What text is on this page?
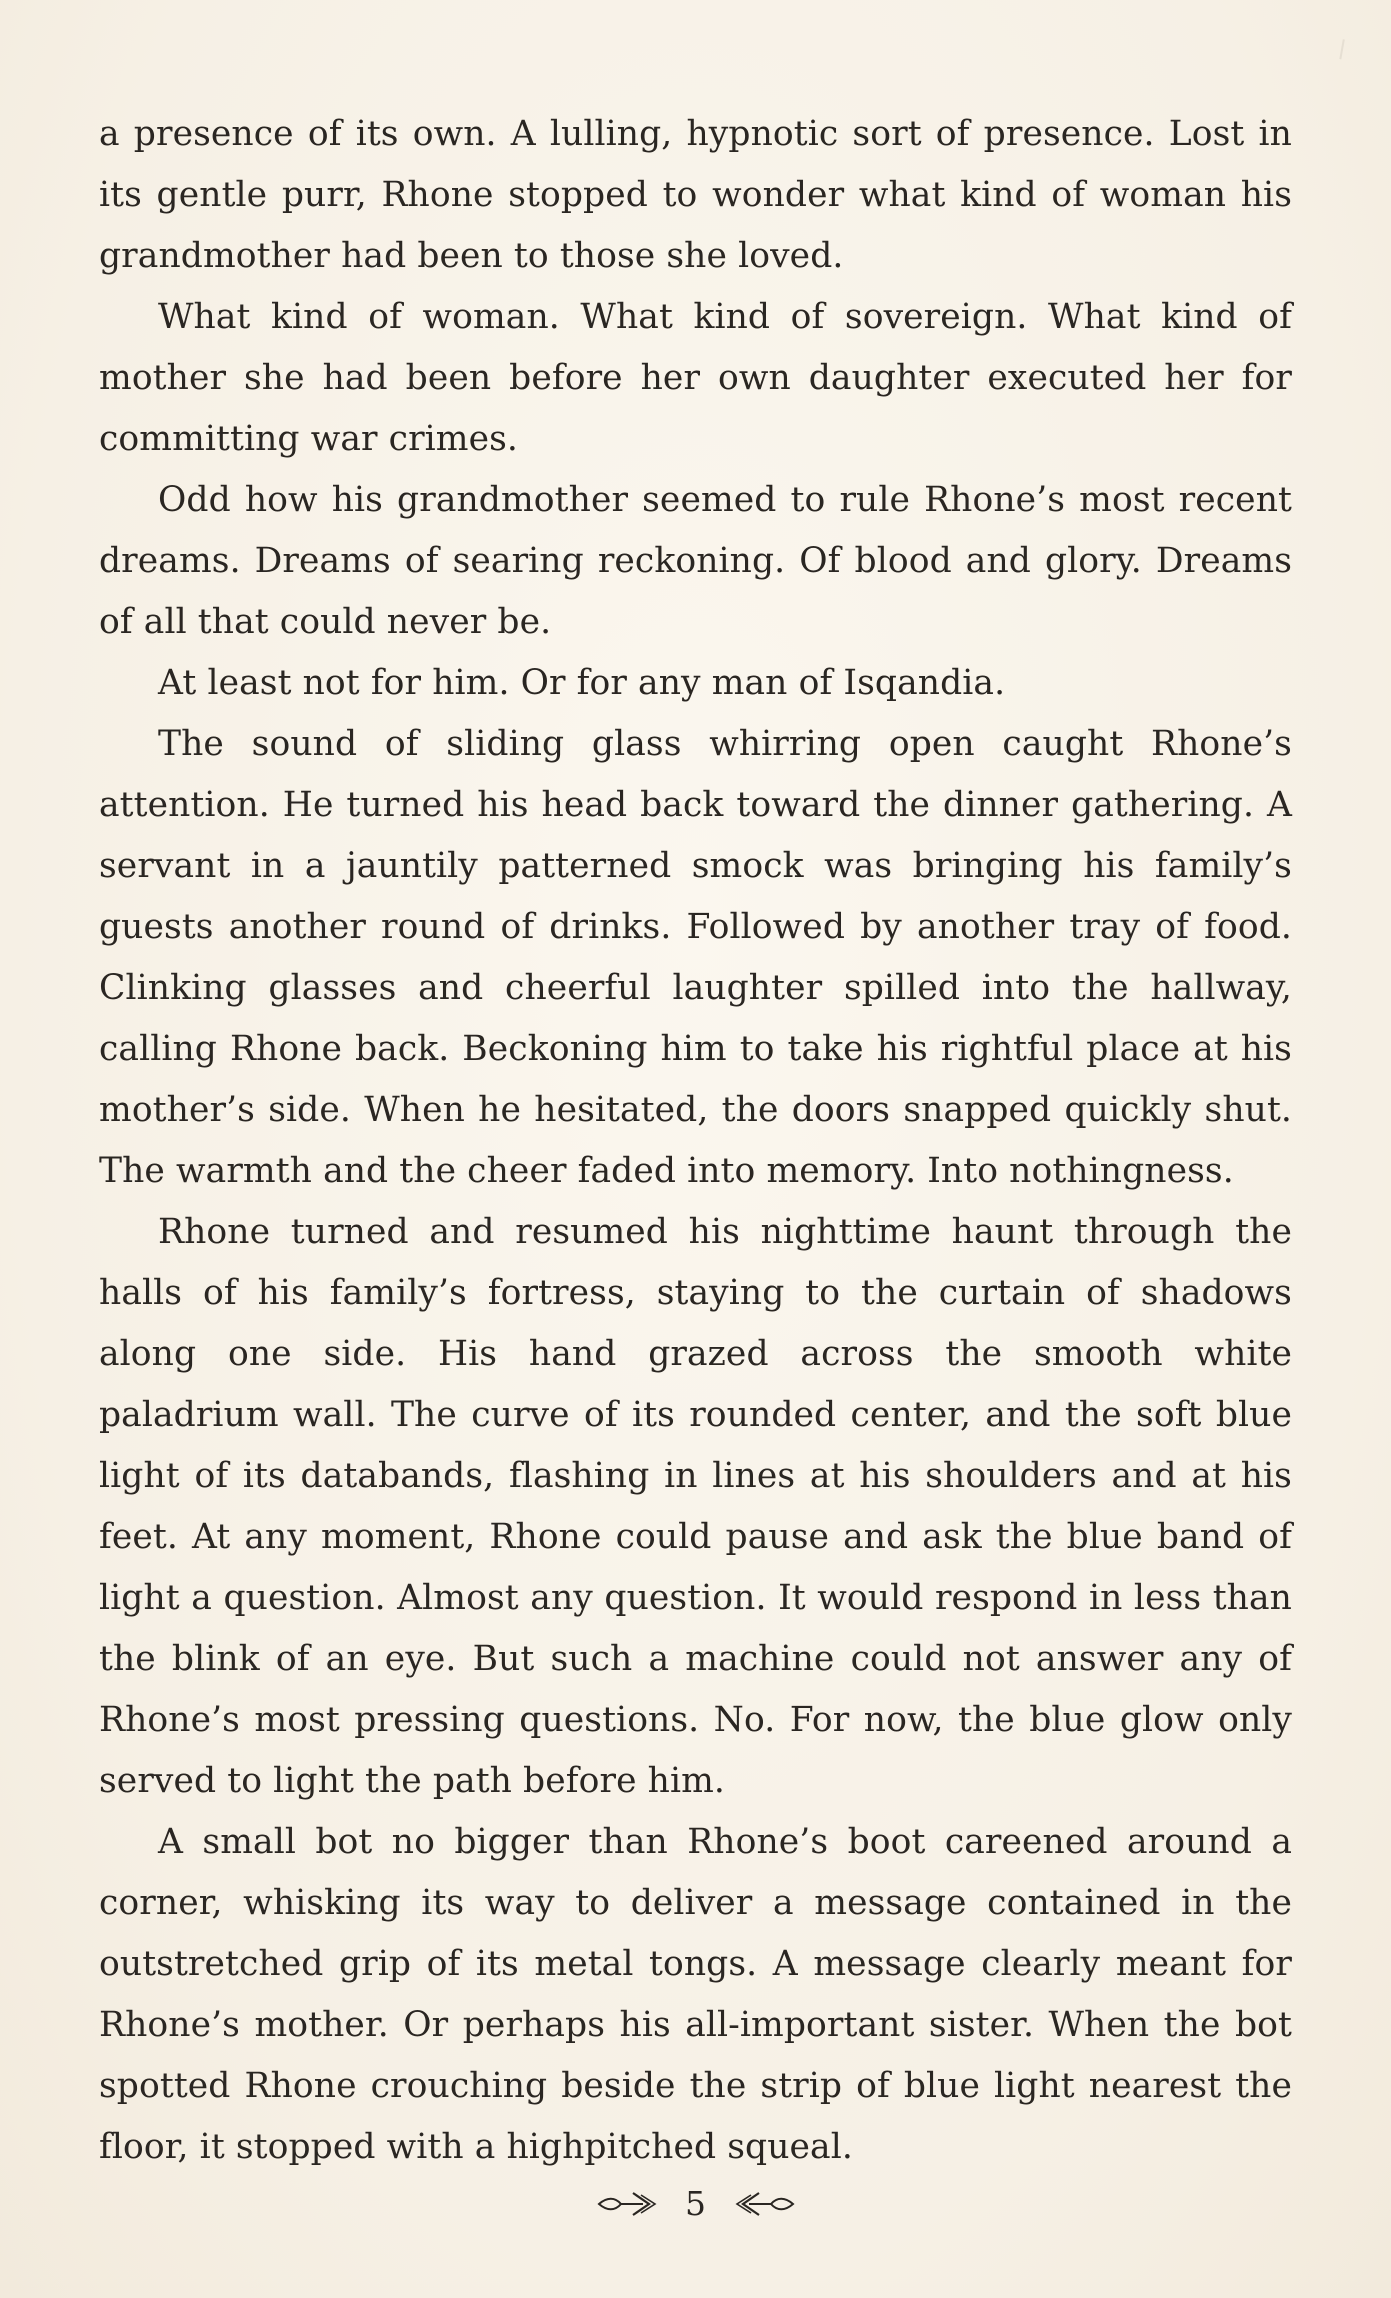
a presence of its own. A lulling, hypnotic sort of presence. Lost in its gentle purr, Rhone stopped to wonder what kind of woman his grandmother had been to those she loved.

What kind of woman. What kind of sovereign. What kind of mother she had been before her own daughter executed her for committing war crimes.

Odd how his grandmother seemed to rule Rhone’s most recent dreams. Dreams of searing reckoning. Of blood and glory. Dreams of all that could never be.

At least not for him. Or for any man of Isqandia.

The sound of sliding glass whirring open caught Rhone’s attention. He turned his head back toward the dinner gathering. A servant in a jauntily patterned smock was bringing his family’s guests another round of drinks. Followed by another tray of food. Clinking glasses and cheerful laughter spilled into the hallway, calling Rhone back. Beckoning him to take his rightful place at his mother’s side. When he hesitated, the doors snapped quickly shut. The warmth and the cheer faded into memory. Into nothingness.

Rhone turned and resumed his nighttime haunt through the halls of his family’s fortress, staying to the curtain of shadows along one side. His hand grazed across the smooth white paladrium wall. The curve of its rounded center, and the soft blue light of its databands, flashing in lines at his shoulders and at his feet. At any moment, Rhone could pause and ask the blue band of light a question. Almost any question. It would respond in less than the blink of an eye. But such a machine could not answer any of Rhone’s most pressing questions. No. For now, the blue glow only served to light the path before him.

A small bot no bigger than Rhone’s boot careened around a corner, whisking its way to deliver a message contained in the outstretched grip of its metal tongs. A message clearly meant for Rhone’s mother. Or perhaps his all-important sister. When the bot spotted Rhone crouching beside the strip of blue light nearest the floor, it stopped with a highpitched squeal.

5
